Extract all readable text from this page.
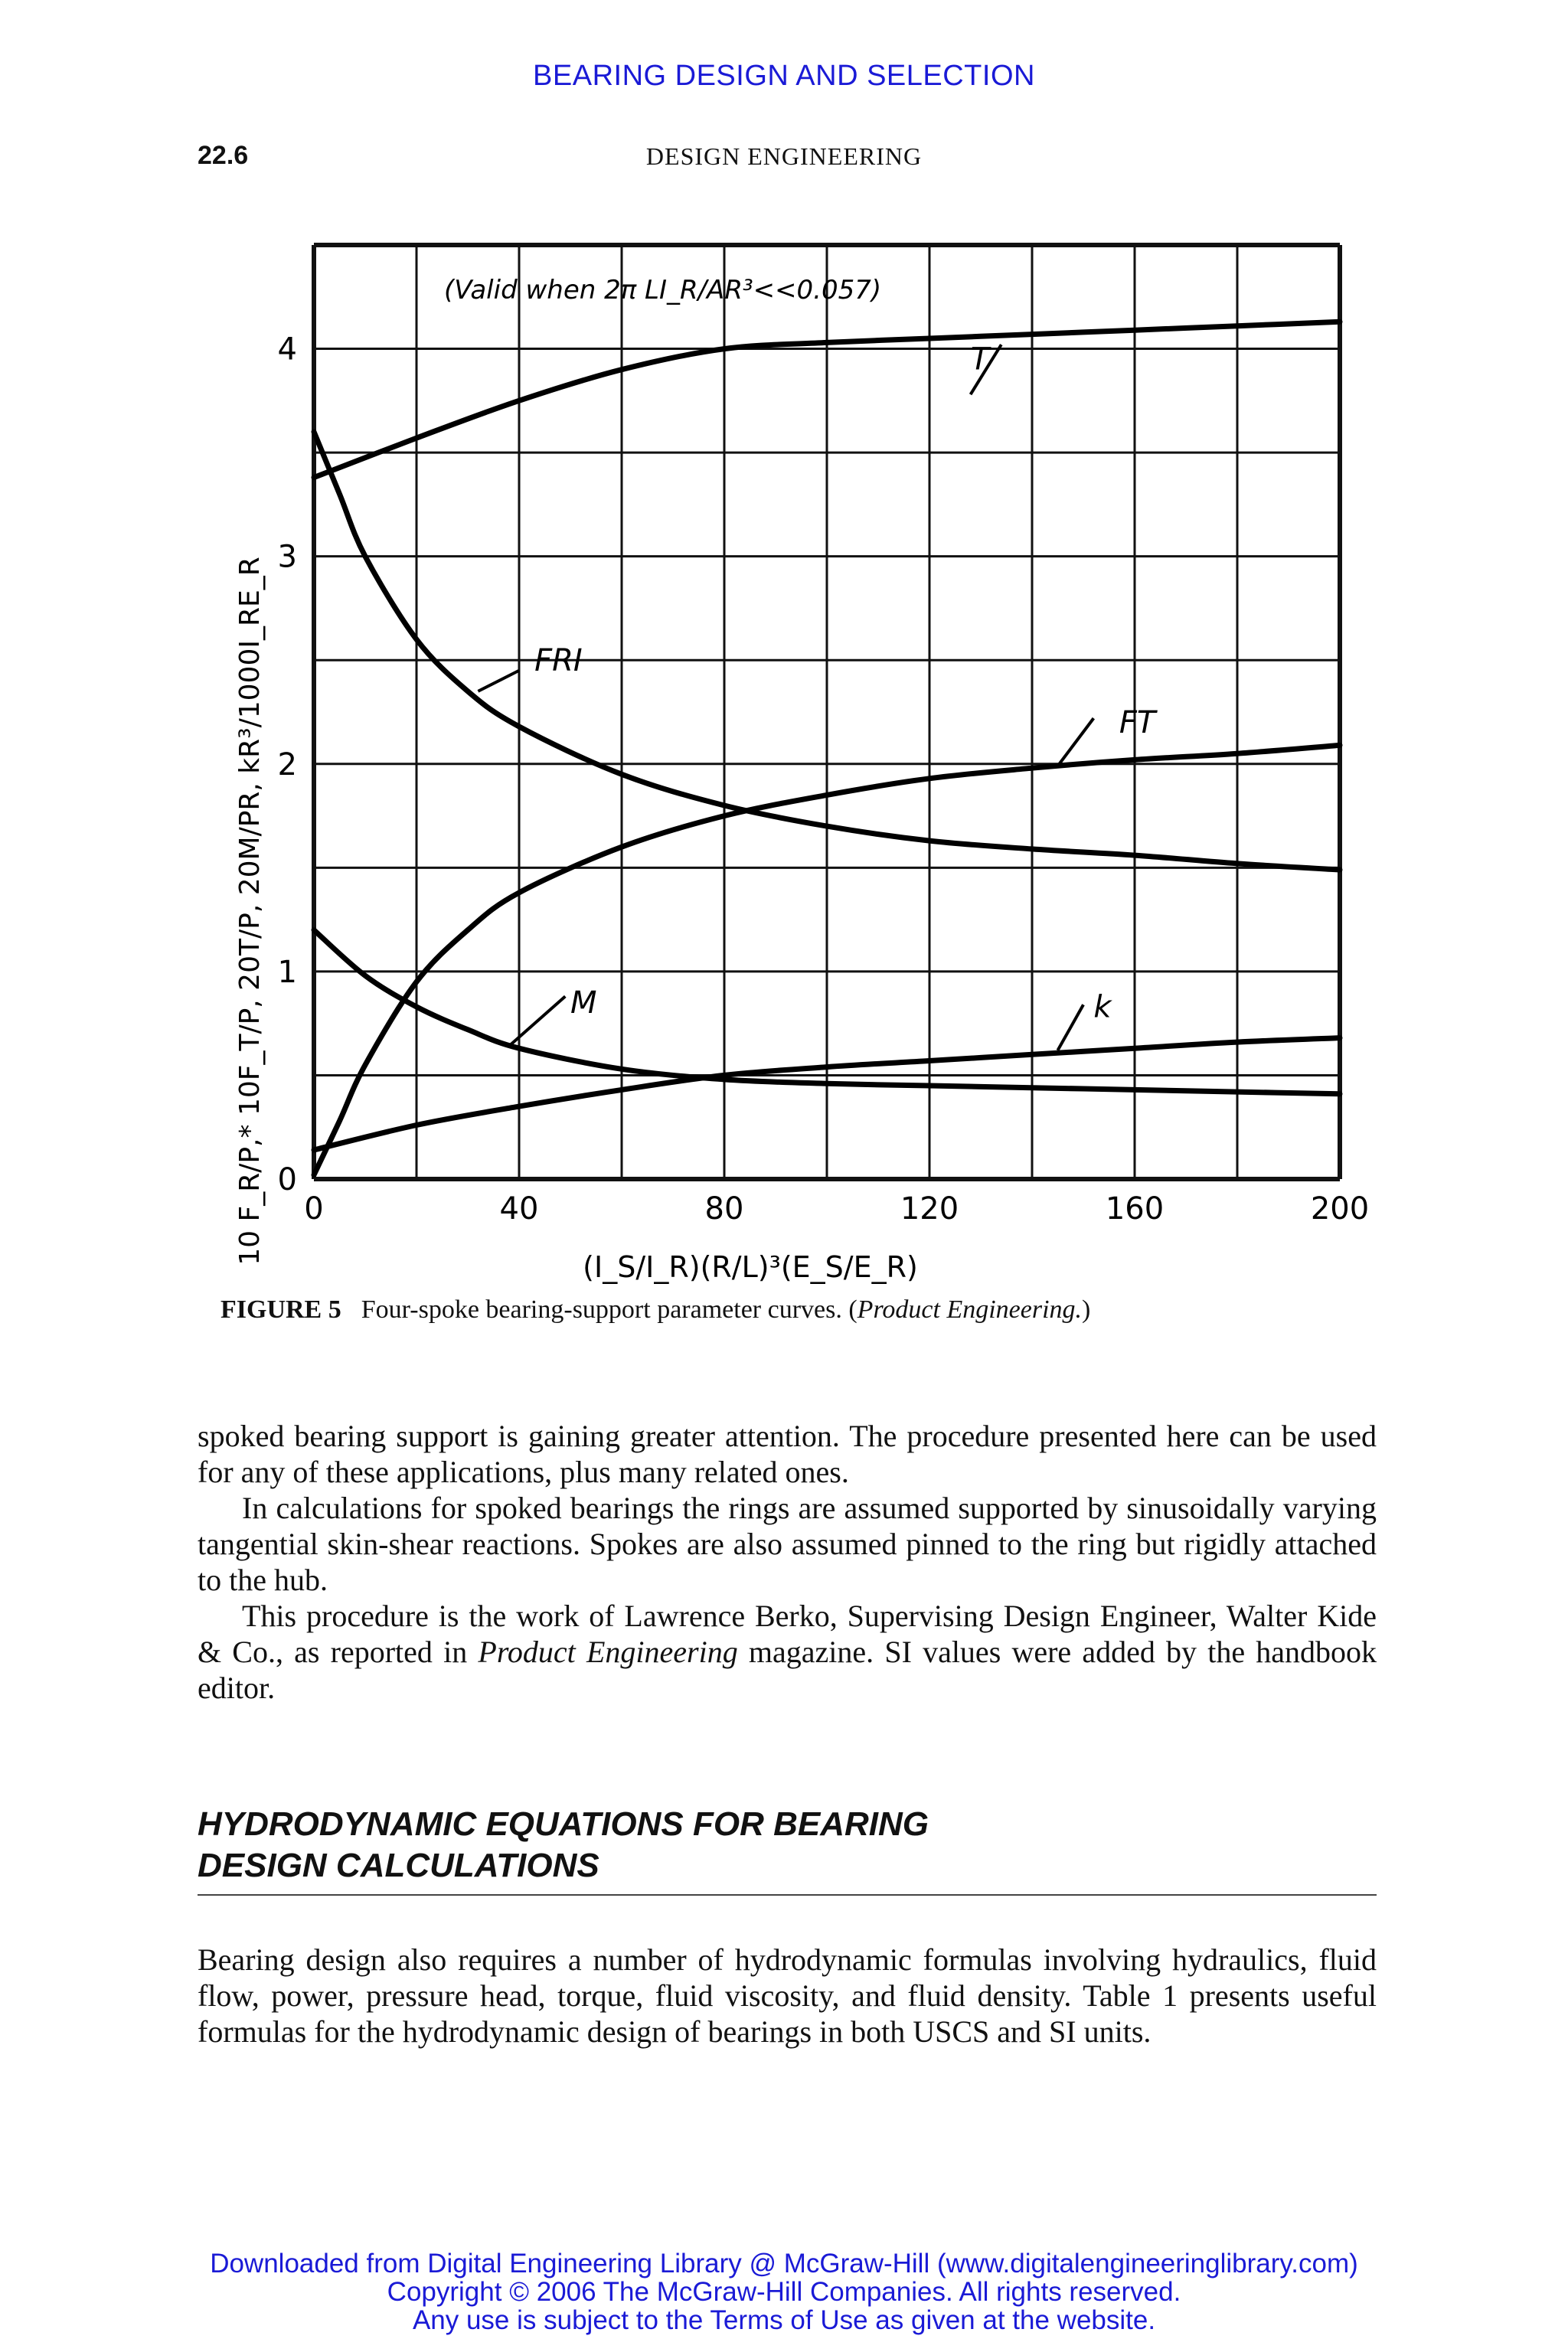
BEARING DESIGN AND SELECTION
22.6	DESIGN ENGINEERING
0	40	80	120	160	200
0
1
2
3
4
(Valid when 2π LI_R/AR³<<0.057)
(I_S/I_R)(R/L)³(E_S/E_R)
10 F_R/P,* 10F_T/P, 20T/P, 20M/PR, kR³/1000I_RE_R
T
FRI
FT
M	k
FIGURE 5 Four-spoke bearing-support parameter curves. (Product Engineering.)

spoked bearing support is gaining greater attention. The procedure presented here can be used for any of these applications, plus many related ones.

In calculations for spoked bearings the rings are assumed supported by sinusoidally varying tangential skin-shear reactions. Spokes are also assumed pinned to the ring but rigidly attached to the hub.

This procedure is the work of Lawrence Berko, Supervising Design Engineer, Walter Kide & Co., as reported in Product Engineering magazine. SI values were added by the handbook editor.

HYDRODYNAMIC EQUATIONS FOR BEARING
DESIGN CALCULATIONS

Bearing design also requires a number of hydrodynamic formulas involving hydraulics, fluid flow, power, pressure head, torque, fluid viscosity, and fluid density. Table 1 presents useful formulas for the hydrodynamic design of bearings in both USCS and SI units.

Downloaded from Digital Engineering Library @ McGraw-Hill (www.digitalengineeringlibrary.com)
Copyright © 2006 The McGraw-Hill Companies. All rights reserved.
Any use is subject to the Terms of Use as given at the website.
